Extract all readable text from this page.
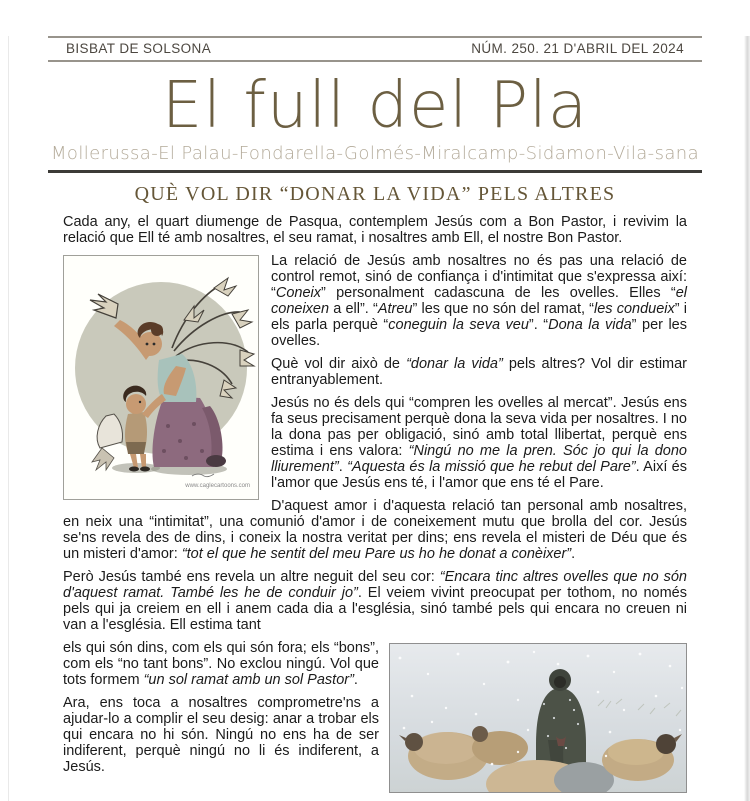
BISBAT DE SOLSONA	NÚM. 250. 21 D'ABRIL DEL 2024
El full del Pla
Mollerussa-El Palau-Fondarella-Golmés-Miralcamp-Sidamon-Vila-sana
QUÈ VOL DIR “DONAR LA VIDA” PELS ALTRES

Cada any, el quart diumenge de Pasqua, contemplem Jesús com a Bon Pastor, i revivim la relació que Ell té amb nosaltres, el seu ramat, i nosaltres amb Ell, el nostre Bon Pastor.

www.caglecartoons.com

La relació de Jesús amb nosaltres no és pas una relació de control remot, sinó de confiança i d'intimitat que s'expressa així: “Coneix” personalment cadascuna de les ovelles. Elles “el coneixen a ell”. “Atreu” les que no són del ramat, “les condueix” i els parla perquè “coneguin la seva veu”. “Dona la vida” per les ovelles.

Què vol dir això de “donar la vida” pels altres? Vol dir estimar entranyablement.

Jesús no és dels qui “compren les ovelles al mercat”. Jesús ens fa seus precisament perquè dona la seva vida per nosaltres. I no la dona pas per obligació, sinó amb total llibertat, perquè ens estima i ens valora: “Ningú no me la pren. Sóc jo qui la dono lliurement”. “Aquesta és la missió que he rebut del Pare”. Així és l'amor que Jesús ens té, i l'amor que ens té el Pare.

D'aquest amor i d'aquesta relació tan personal amb nosaltres, en neix una “intimitat”, una comunió d'amor i de coneixement mutu que brolla del cor. Jesús se'ns revela des de dins, i coneix la nostra veritat per dins; ens revela el misteri de Déu que és un misteri d'amor: “tot el que he sentit del meu Pare us ho he donat a conèixer”.

Però Jesús també ens revela un altre neguit del seu cor: “Encara tinc altres ovelles que no són d'aquest ramat. També les he de conduir jo”. El veiem vivint preocupat per tothom, no només pels qui ja creiem en ell i anem cada dia a l'església, sinó també pels qui encara no creuen ni van a l'església. Ell estima tant

els qui són dins, com els qui són fora; els “bons”, com els “no tant bons”. No exclou ningú. Vol que tots formem “un sol ramat amb un sol Pastor”.

Ara, ens toca a nosaltres comprometre'ns a ajudar-lo a complir el seu desig: anar a trobar els qui encara no hi són. Ningú no ens ha de ser indiferent, perquè ningú no li és indiferent, a Jesús.
